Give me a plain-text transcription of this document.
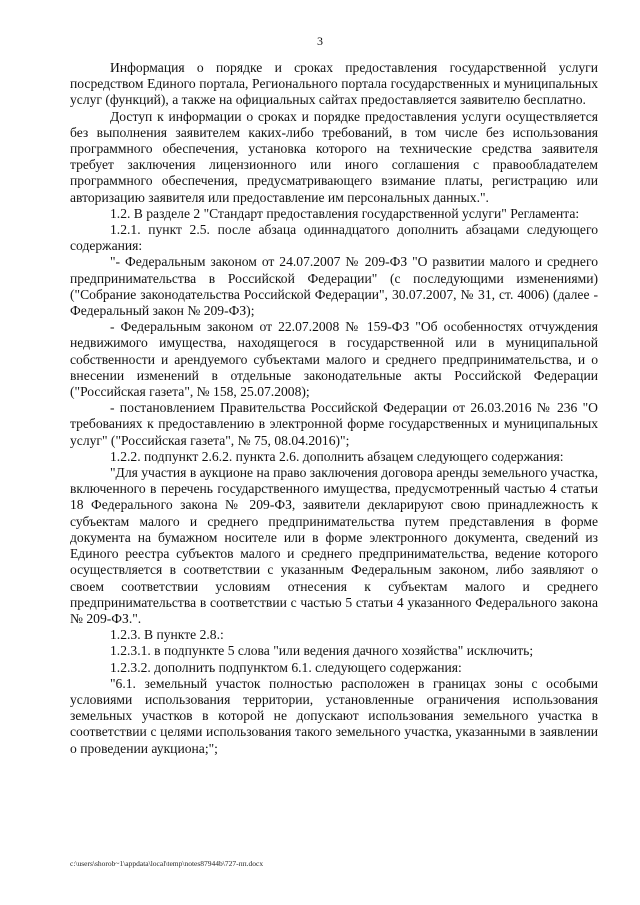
3

Информация о порядке и сроках предоставления государственной услуги посредством Единого портала, Регионального портала государственных и муниципальных услуг (функций), а также на официальных сайтах предоставляется заявителю бесплатно.

Доступ к информации о сроках и порядке предоставления услуги осуществляется без выполнения заявителем каких-либо требований, в том числе без использования программного обеспечения, установка которого на технические средства заявителя требует заключения лицензионного или иного соглашения с правообладателем программного обеспечения, предусматривающего взимание платы, регистрацию или авторизацию заявителя или предоставление им персональных данных.".

1.2. В разделе 2 "Стандарт предоставления государственной услуги" Регламента:

1.2.1. пункт 2.5. после абзаца одиннадцатого дополнить абзацами следующего содержания:

"- Федеральным законом от 24.07.2007 № 209-ФЗ "О развитии малого и среднего предпринимательства в Российской Федерации" (с последующими изменениями) ("Собрание законодательства Российской Федерации", 30.07.2007, № 31, ст. 4006) (далее - Федеральный закон № 209-ФЗ);

- Федеральным законом от 22.07.2008 № 159-ФЗ "Об особенностях отчуждения недвижимого имущества, находящегося в государственной или в муниципальной собственности и арендуемого субъектами малого и среднего предпринимательства, и о внесении изменений в отдельные законодательные акты Российской Федерации ("Российская газета", № 158, 25.07.2008);

- постановлением Правительства Российской Федерации от 26.03.2016 № 236 "О требованиях к предоставлению в электронной форме государственных и муниципальных услуг" ("Российская газета", № 75, 08.04.2016)";

1.2.2. подпункт 2.6.2. пункта 2.6. дополнить абзацем следующего содержания:

"Для участия в аукционе на право заключения договора аренды земельного участка, включенного в перечень государственного имущества, предусмотренный частью 4 статьи 18 Федерального закона № 209-ФЗ, заявители декларируют свою принадлежность к субъектам малого и среднего предпринимательства путем представления в форме документа на бумажном носителе или в форме электронного документа, сведений из Единого реестра субъектов малого и среднего предпринимательства, ведение которого осуществляется в соответствии с указанным Федеральным законом, либо заявляют о своем соответствии условиям отнесения к субъектам малого и среднего предпринимательства в соответствии с частью 5 статьи 4 указанного Федерального закона № 209-ФЗ.".

1.2.3. В пункте 2.8.:

1.2.3.1. в подпункте 5 слова "или ведения дачного хозяйства" исключить;

1.2.3.2. дополнить подпунктом 6.1. следующего содержания:

"6.1. земельный участок полностью расположен в границах зоны с особыми условиями использования территории, установленные ограничения использования земельных участков в которой не допускают использования земельного участка в соответствии с целями использования такого земельного участка, указанными в заявлении о проведении аукциона;";

c:\users\shorob~1\appdata\local\temp\notes87944b\727-пп.docx
